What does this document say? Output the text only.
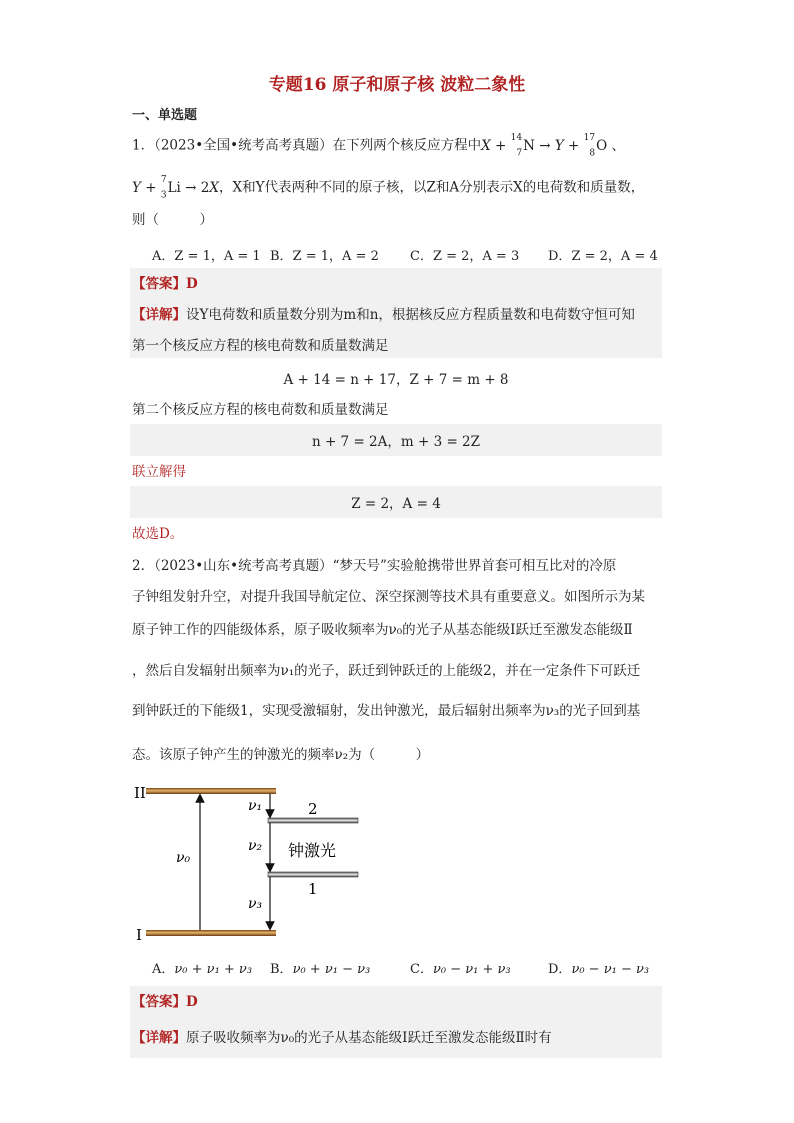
专题16 原子和原子核 波粒二象性
一、单选题
1．（2023•全国•统考高考真题）在下列两个核反应方程中X + $^{14}$
$_7$N → Y + $^{17}$
$_8$O 、
Y + $^7$
$_3$Li → 2X，X和Y代表两种不同的原子核，以Z和A分别表示X的电荷数和质量数，
则（　　　）
A．Z = 1，A = 1 B．Z = 1，A = 2 C．Z = 2，A = 3 D．Z = 2，A = 4
【答案】D
【详解】设Y电荷数和质量数分别为m和n，根据核反应方程质量数和电荷数守恒可知
第一个核反应方程的核电荷数和质量数满足
A + 14 = n + 17，Z + 7 = m + 8
第二个核反应方程的核电荷数和质量数满足
n + 7 = 2A，m + 3 = 2Z
联立解得
Z = 2，A = 4
故选D。
2．（2023•山东•统考高考真题）“梦天号”实验舱携带世界首套可相互比对的冷原
子钟组发射升空，对提升我国导航定位、深空探测等技术具有重要意义。如图所示为某
原子钟工作的四能级体系，原子吸收频率为ν₀的光子从基态能级Ⅰ跃迁至激发态能级Ⅱ
，然后自发辐射出频率为ν₁的光子，跃迁到钟跃迁的上能级2，并在一定条件下可跃迁
到钟跃迁的下能级1，实现受激辐射，发出钟激光，最后辐射出频率为ν₃的光子回到基
态。该原子钟产生的钟激光的频率ν₂为（　　　）
II
I
2
1
ν₀
ν₁
ν₂
ν₃
钟激光
A．ν₀ + ν₁ + ν₃ B．ν₀ + ν₁ − ν₃	C．ν₀ − ν₁ + ν₃	D．ν₀ − ν₁ − ν₃
【答案】D
【详解】原子吸收频率为ν₀的光子从基态能级Ⅰ跃迁至激发态能级Ⅱ时有
